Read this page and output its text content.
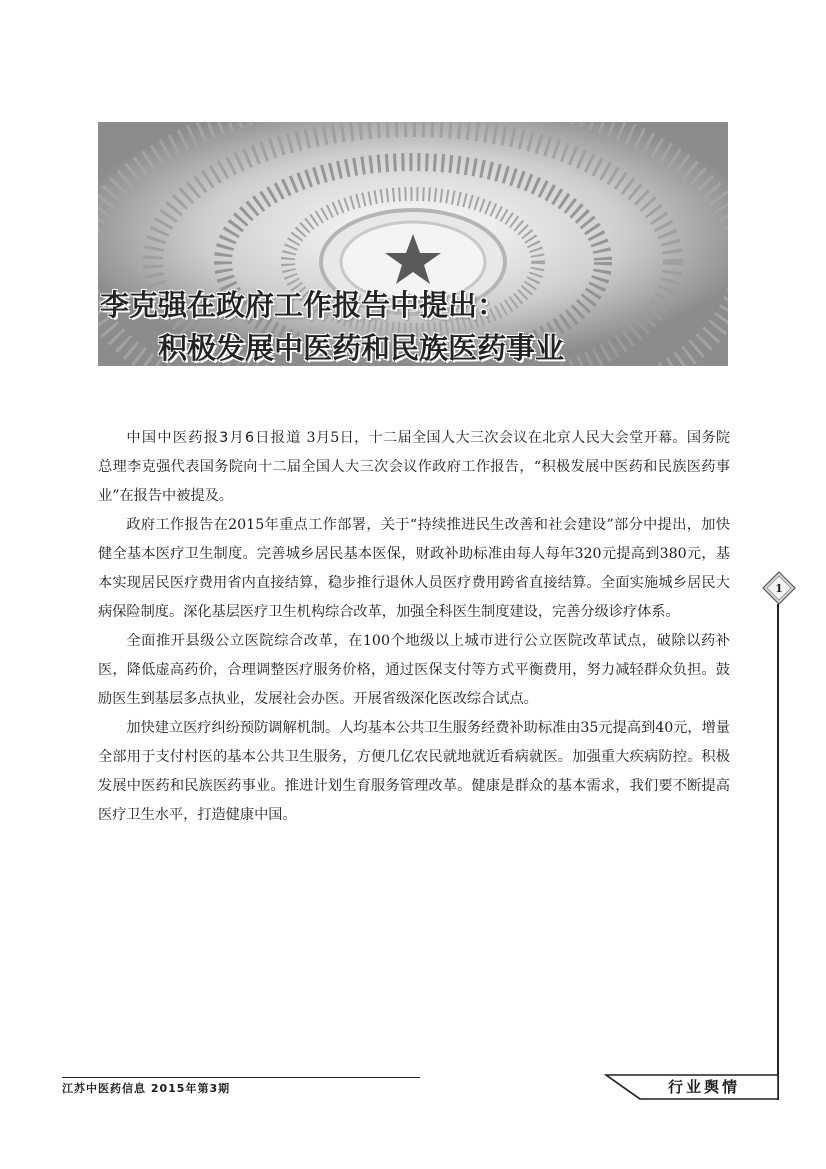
李克强在政府工作报告中提出：
积极发展中医药和民族医药事业

中国中医药报3月6日报道 3月5日，十二届全国人大三次会议在北京人民大会堂开幕。国务院总理李克强代表国务院向十二届全国人大三次会议作政府工作报告，“积极发展中医药和民族医药事业”在报告中被提及。

政府工作报告在2015年重点工作部署，关于“持续推进民生改善和社会建设”部分中提出，加快健全基本医疗卫生制度。完善城乡居民基本医保，财政补助标准由每人每年320元提高到380元，基本实现居民医疗费用省内直接结算，稳步推行退休人员医疗费用跨省直接结算。全面实施城乡居民大病保险制度。深化基层医疗卫生机构综合改革，加强全科医生制度建设，完善分级诊疗体系。

全面推开县级公立医院综合改革，在100个地级以上城市进行公立医院改革试点，破除以药补医，降低虚高药价，合理调整医疗服务价格，通过医保支付等方式平衡费用，努力减轻群众负担。鼓励医生到基层多点执业，发展社会办医。开展省级深化医改综合试点。

加快建立医疗纠纷预防调解机制。人均基本公共卫生服务经费补助标准由35元提高到40元，增量全部用于支付村医的基本公共卫生服务，方便几亿农民就地就近看病就医。加强重大疾病防控。积极发展中医药和民族医药事业。推进计划生育服务管理改革。健康是群众的基本需求，我们要不断提高医疗卫生水平，打造健康中国。

1
江苏中医药信息 2015年第3期	行业舆情
